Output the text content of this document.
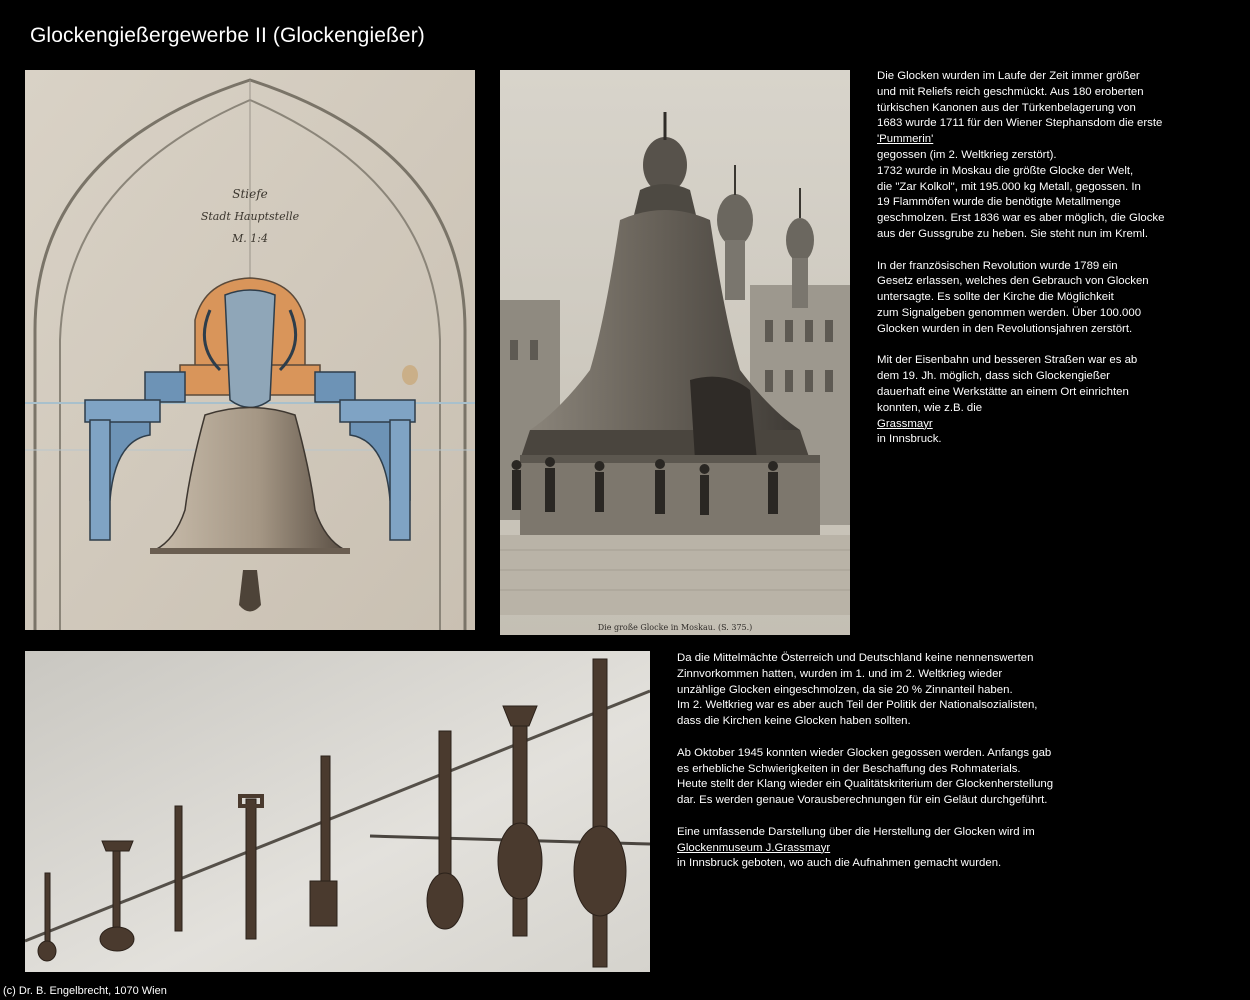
Glockengießergewerbe II (Glockengießer)
Stiefe
Stadt Hauptstelle
M. 1:4
Die große Glocke in Moskau. (S. 375.)

Die Glocken wurden im Laufe der Zeit immer größer
und mit Reliefs reich geschmückt. Aus 180 eroberten
türkischen Kanonen aus der Türkenbelagerung von
1683 wurde 1711 für den Wiener Stephansdom die erste
'Pummerin'
gegossen (im 2. Weltkrieg zerstört).
1732 wurde in Moskau die größte Glocke der Welt,
die "Zar Kolkol", mit 195.000 kg Metall, gegossen. In
19 Flammöfen wurde die benötigte Metallmenge
geschmolzen. Erst 1836 war es aber möglich, die Glocke
aus der Gussgrube zu heben. Sie steht nun im Kreml.

In der französischen Revolution wurde 1789 ein
Gesetz erlassen, welches den Gebrauch von Glocken
untersagte. Es sollte der Kirche die Möglichkeit
zum Signalgeben genommen werden. Über 100.000
Glocken wurden in den Revolutionsjahren zerstört.

Mit der Eisenbahn und besseren Straßen war es ab
dem 19. Jh. möglich, dass sich Glockengießer
dauerhaft eine Werkstätte an einem Ort einrichten
konnten, wie z.B. die
Grassmayr
in Innsbruck.

Da die Mittelmächte Österreich und Deutschland keine nennenswerten
Zinnvorkommen hatten, wurden im 1. und im 2. Weltkrieg wieder
unzählige Glocken eingeschmolzen, da sie 20 % Zinnanteil haben.
Im 2. Weltkrieg war es aber auch Teil der Politik der Nationalsozialisten,
dass die Kirchen keine Glocken haben sollten.

Ab Oktober 1945 konnten wieder Glocken gegossen werden. Anfangs gab
es erhebliche Schwierigkeiten in der Beschaffung des Rohmaterials.
Heute stellt der Klang wieder ein Qualitätskriterium der Glockenherstellung
dar. Es werden genaue Vorausberechnungen für ein Geläut durchgeführt.

Eine umfassende Darstellung über die Herstellung der Glocken wird im
Glockenmuseum J.Grassmayr
in Innsbruck geboten, wo auch die Aufnahmen gemacht wurden.

(c) Dr. B. Engelbrecht, 1070 Wien
